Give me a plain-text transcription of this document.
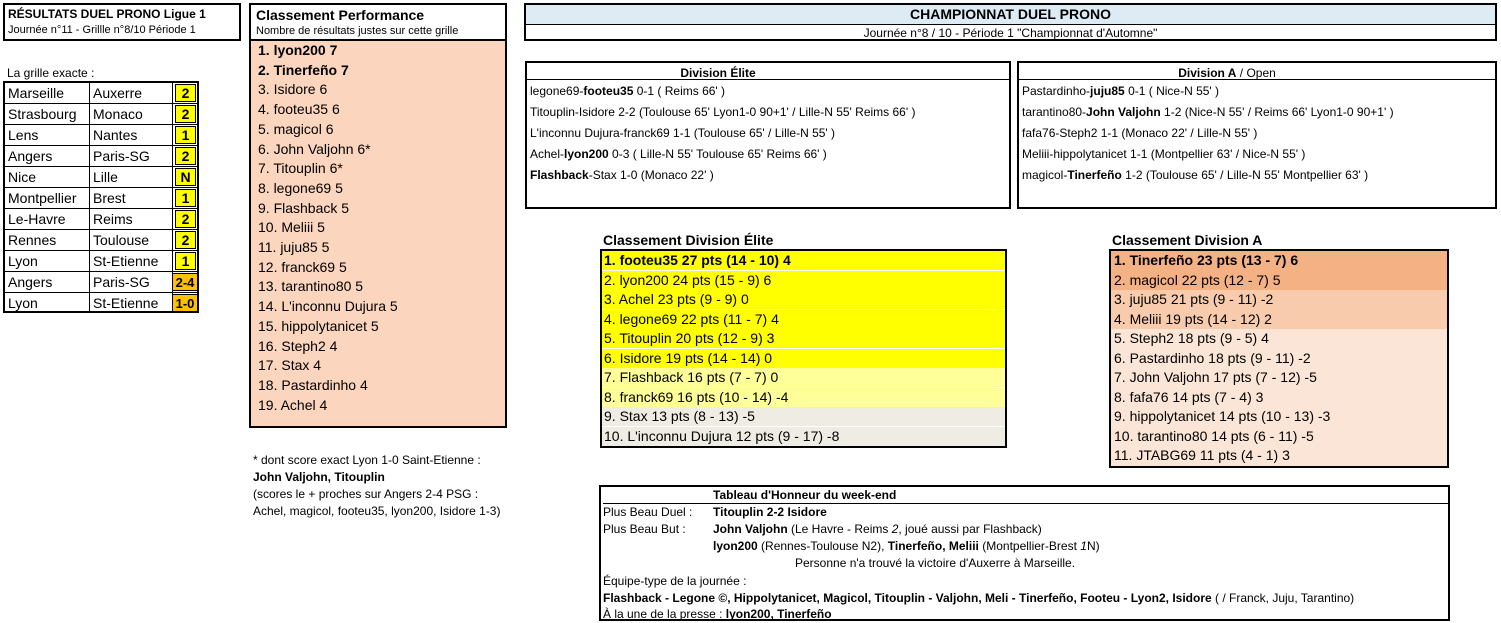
RÉSULTATS DUEL PRONO Ligue 1
Journée n°11 - Grillle n°8/10 Période 1
La grille exacte :
Marseille	Auxerre	2
Strasbourg	Monaco	2
Lens	Nantes	1
Angers	Paris-SG	2
Nice	Lille	N
Montpellier	Brest	1
Le-Havre	Reims	2
Rennes	Toulouse	2
Lyon	St-Etienne	1
Angers	Paris-SG	2-4
Lyon	St-Etienne	1-0
Classement Performance
Nombre de résultats justes sur cette grille
1. lyon200 7
2. Tinerfeño 7
3. Isidore 6
4. footeu35 6
5. magicol 6
6. John Valjohn 6*
7. Titouplin 6*
8. legone69 5
9. Flashback 5
10. Meliii 5
11. juju85 5
12. franck69 5
13. tarantino80 5
14. L'inconnu Dujura 5
15. hippolytanicet 5
16. Steph2 4
17. Stax 4
18. Pastardinho 4
19. Achel 4
* dont score exact Lyon 1-0 Saint-Etienne :
John Valjohn, Titouplin
(scores le + proches sur Angers 2-4 PSG : Achel, magicol, footeu35, lyon200, Isidore 1-3)
CHAMPIONNAT DUEL PRONO
Journée n°8 / 10 - Période 1 "Championnat d'Automne"
Division Élite
legone69-footeu35 0-1 ( Reims 66' )
Titouplin-Isidore 2-2 (Toulouse 65' Lyon1-0 90+1' / Lille-N 55' Reims 66' )
L'inconnu Dujura-franck69 1-1 (Toulouse 65' / Lille-N 55' )
Achel-lyon200 0-3 ( Lille-N 55' Toulouse 65' Reims 66' )
Flashback-Stax 1-0 (Monaco 22' )
Division A / Open
Pastardinho-juju85 0-1 ( Nice-N 55' )
tarantino80-John Valjohn 1-2 (Nice-N 55' / Reims 66' Lyon1-0 90+1' )
fafa76-Steph2 1-1 (Monaco 22' / Lille-N 55' )
Meliii-hippolytanicet 1-1 (Montpellier 63' / Nice-N 55' )
magicol-Tinerfeño 1-2 (Toulouse 65' / Lille-N 55' Montpellier 63' )
Classement Division Élite
1. footeu35 27 pts (14 - 10) 4
2. lyon200 24 pts (15 - 9) 6
3. Achel 23 pts (9 - 9) 0
4. legone69 22 pts (11 - 7) 4
5. Titouplin 20 pts (12 - 9) 3
6. Isidore 19 pts (14 - 14) 0
7. Flashback 16 pts (7 - 7) 0
8. franck69 16 pts (10 - 14) -4
9. Stax 13 pts (8 - 13) -5
10. L'inconnu Dujura 12 pts (9 - 17) -8
Classement Division A
1. Tinerfeño 23 pts (13 - 7) 6
2. magicol 22 pts (12 - 7) 5
3. juju85 21 pts (9 - 11) -2
4. Meliii 19 pts (14 - 12) 2
5. Steph2 18 pts (9 - 5) 4
6. Pastardinho 18 pts (9 - 11) -2
7. John Valjohn 17 pts (7 - 12) -5
8. fafa76 14 pts (7 - 4) 3
9. hippolytanicet 14 pts (10 - 13) -3
10. tarantino80 14 pts (6 - 11) -5
11. JTABG69 11 pts (4 - 1) 3
Tableau d'Honneur du week-end
Plus Beau Duel : Titouplin 2-2 Isidore
Plus Beau But : John Valjohn (Le Havre - Reims 2, joué aussi par Flashback)
lyon200 (Rennes-Toulouse N2), Tinerfeño, Meliii (Montpellier-Brest 1N)
Personne n'a trouvé la victoire d'Auxerre à Marseille.
Équipe-type de la journée :
Flashback - Legone ©, Hippolytanicet, Magicol, Titouplin - Valjohn, Meli - Tinerfeño, Footeu - Lyon2, Isidore ( / Franck, Juju, Tarantino)
À la une de la presse : lyon200, Tinerfeño
